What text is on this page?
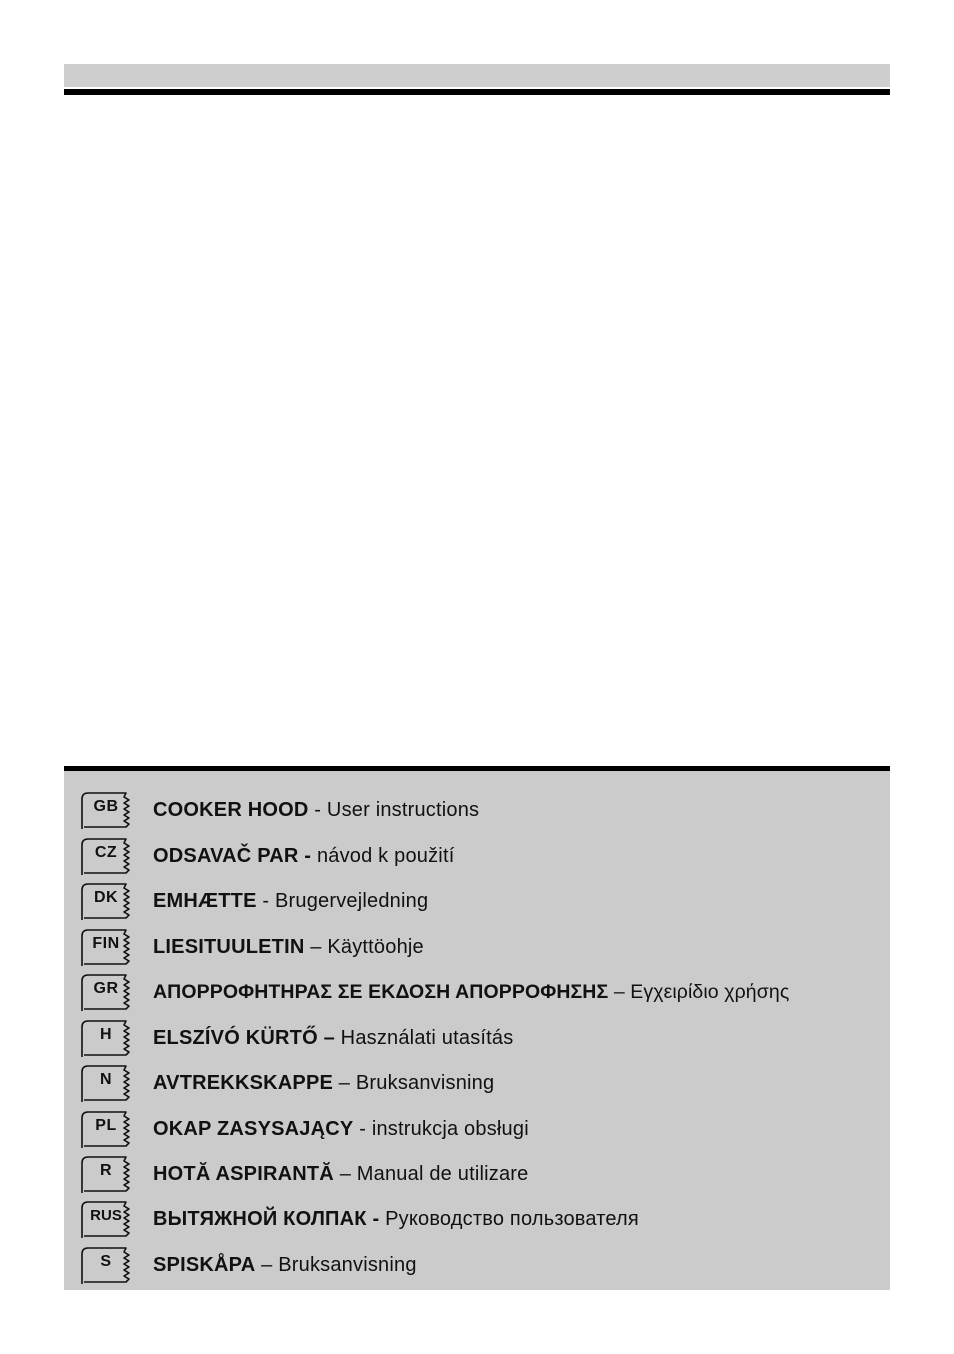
GB	COOKER HOOD - User instructions
CZ	ODSAVAČ PAR - návod k použití
DK	EMHÆTTE - Brugervejledning
FIN	LIESITUULETIN – Käyttöohje
GR	ΑΠΟΡΡΟΦΗΤΗΡΑΣ ΣΕ ΕΚΔΟΣΗ ΑΠΟΡΡΟΦΗΣΗΣ – Εγχειρίδιο χρήσης
H	ELSZÍVÓ KÜRTŐ – Használati utasítás
N	AVTREKKSKAPPE – Bruksanvisning
PL	OKAP ZASYSAJĄCY - instrukcja obsługi
R	HOTĂ ASPIRANTĂ – Manual de utilizare
RUS	ВЫТЯЖНОЙ КОЛПАК - Руководство пользователя
S	SPISKÅPA – Bruksanvisning
